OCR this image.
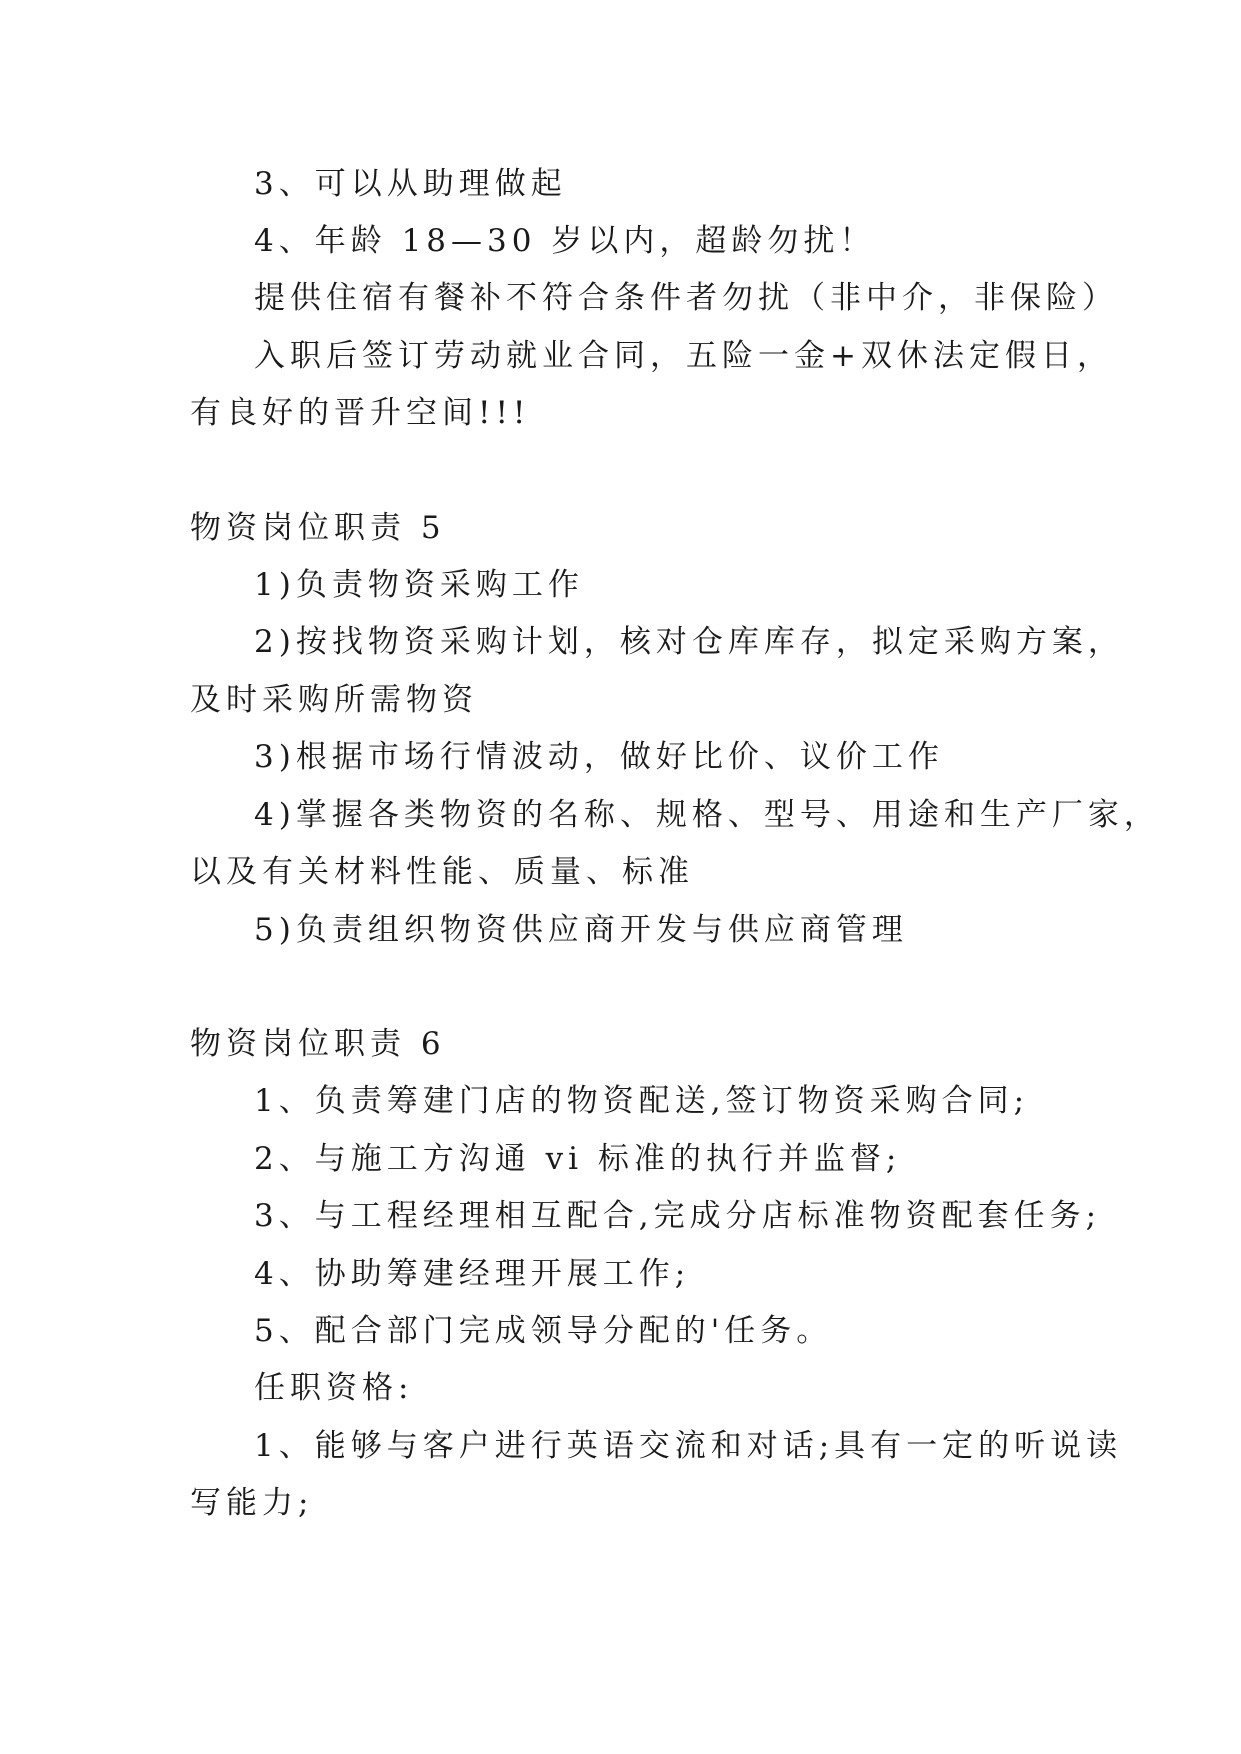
3、可以从助理做起
4、年龄 18—30 岁以内，超龄勿扰！
提供住宿有餐补不符合条件者勿扰（非中介，非保险）
入职后签订劳动就业合同，五险一金+双休法定假日，
有良好的晋升空间!!!
物资岗位职责 5
1)负责物资采购工作
2)按找物资采购计划，核对仓库库存，拟定采购方案，
及时采购所需物资
3)根据市场行情波动，做好比价、议价工作
4)掌握各类物资的名称、规格、型号、用途和生产厂家，
以及有关材料性能、质量、标准
5)负责组织物资供应商开发与供应商管理
物资岗位职责 6
1、负责筹建门店的物资配送,签订物资采购合同;
2、与施工方沟通 vi 标准的执行并监督;
3、与工程经理相互配合,完成分店标准物资配套任务;
4、协助筹建经理开展工作;
5、配合部门完成领导分配的'任务。
任职资格:
1、能够与客户进行英语交流和对话;具有一定的听说读
写能力;
